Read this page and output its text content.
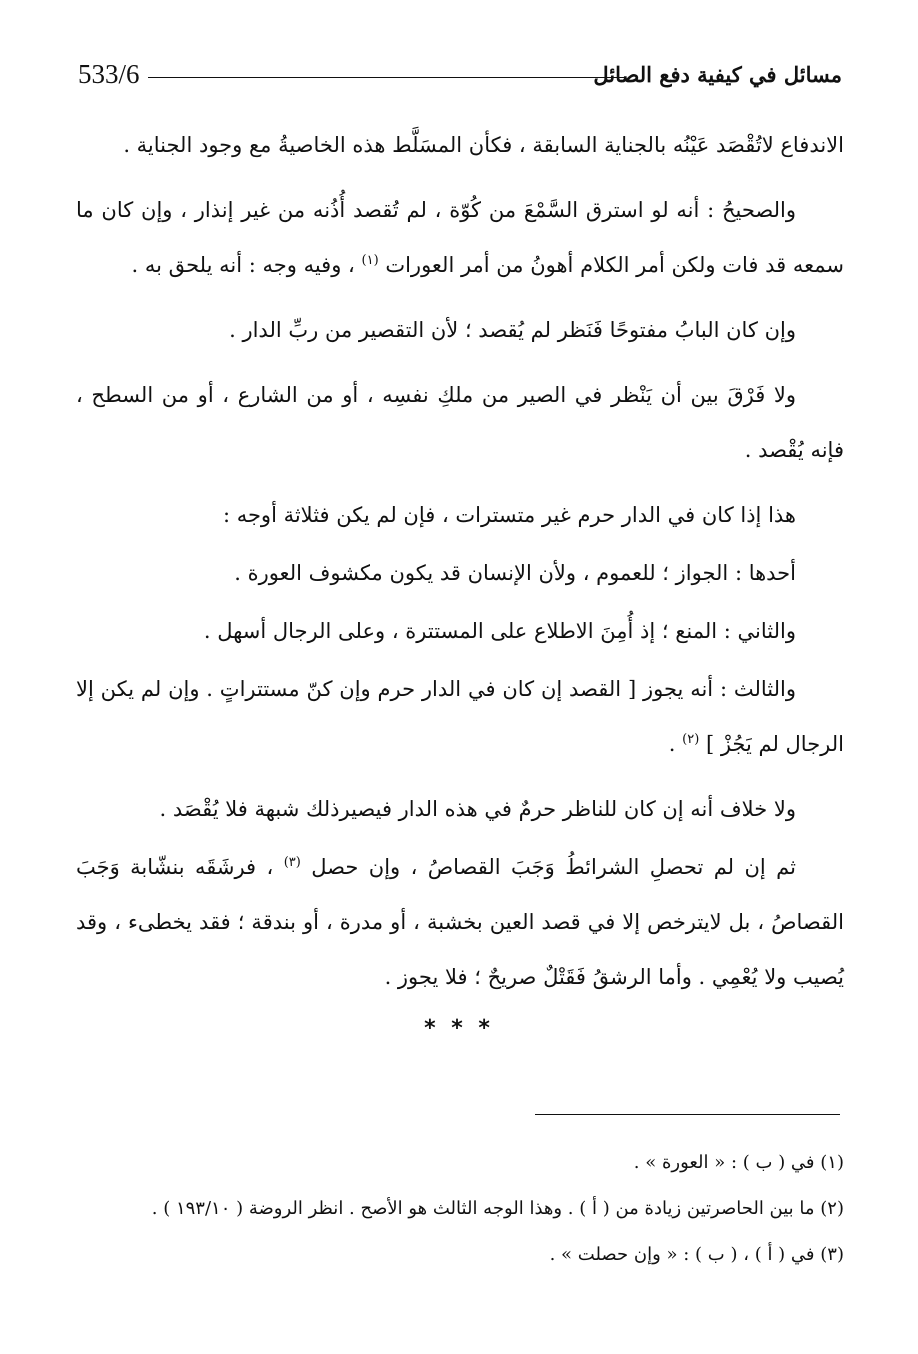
533/6	مسائل في كيفية دفع الصائل

الاندفاع لاتُقْصَد عَيْنُه بالجناية السابقة ، فكأن المسَلَّط هذه الخاصيةُ مع وجود الجناية .

والصحيحُ : أنه لو استرق السَّمْعَ من كُوّة ، لم تُقصد أُذُنه من غير إنذار ، وإن كان ما سمعه قد فات ولكن أمر الكلام أهونُ من أمر العورات $^{(١)}$ ، وفيه وجه : أنه يلحق به .

وإن كان البابُ مفتوحًا فَنَظر لم يُقصد ؛ لأن التقصير من ربِّ الدار .

ولا فَرْقَ بين أن يَنْظر في الصير من ملكِ نفسِه ، أو من الشارع ، أو من السطح ، فإنه يُقْصد .

هذا إذا كان في الدار حرم غير متسترات ، فإن لم يكن فثلاثة أوجه :

أحدها : الجواز ؛ للعموم ، ولأن الإنسان قد يكون مكشوف العورة .

والثاني : المنع ؛ إذ أُمِنَ الاطلاع على المستترة ، وعلى الرجال أسهل .

والثالث : أنه يجوز [ القصد إن كان في الدار حرم وإن كنّ مستتراتٍ . وإن لم يكن إلا الرجال لم يَجُزْ ] $^{(٢)}$ .

ولا خلاف أنه إن كان للناظر حرمٌ في هذه الدار فيصيرذلك شبهة فلا يُقْصَد .

ثم إن لم تحصلِ الشرائطُ وَجَبَ القصاصُ ، وإن حصل $^{(٣)}$ ، فرشَقَه بنشّابة وَجَبَ القصاصُ ، بل لايترخص إلا في قصد العين بخشبة ، أو مدرة ، أو بندقة ؛ فقد يخطىء ، وقد يُصيب ولا يُعْمِي . وأما الرشقُ فَقَتْلٌ صريحٌ ؛ فلا يجوز .

* * *

(١) في ( ب ) : « العورة » .

(٢) ما بين الحاصرتين زيادة من ( أ ) . وهذا الوجه الثالث هو الأصح . انظر الروضة ( ١٩٣/١٠ ) .

(٣) في ( أ ) ، ( ب ) : « وإن حصلت » .
